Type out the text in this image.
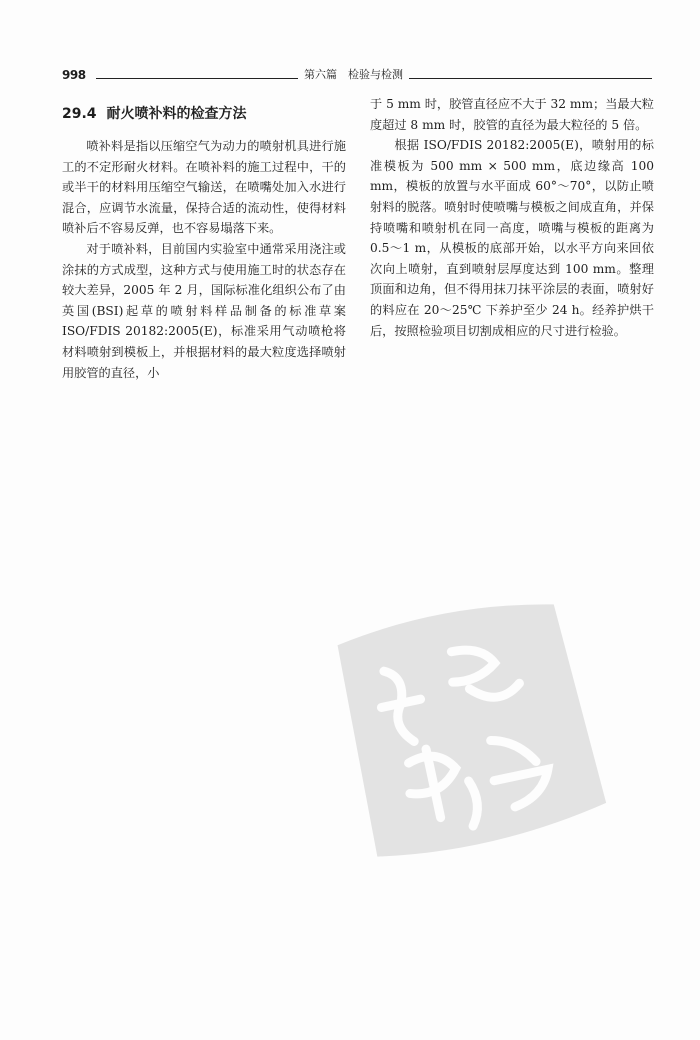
998	第六篇　检验与检测
29.4 耐火喷补料的检查方法

喷补料是指以压缩空气为动力的喷射机具进行施工的不定形耐火材料。在喷补料的施工过程中，干的或半干的材料用压缩空气输送，在喷嘴处加入水进行混合，应调节水流量，保持合适的流动性，使得材料喷补后不容易反弹，也不容易塌落下来。

对于喷补料，目前国内实验室中通常采用浇注或涂抹的方式成型，这种方式与使用施工时的状态存在较大差异，2005 年 2 月，国际标准化组织公布了由英国(BSI)起草的喷射料样品制备的标准草案 ISO/FDIS 20182:2005(E)，标准采用气动喷枪将材料喷射到模板上，并根据材料的最大粒度选择喷射用胶管的直径，小

于 5 mm 时，胶管直径应不大于 32 mm；当最大粒度超过 8 mm 时，胶管的直径为最大粒径的 5 倍。

根据 ISO/FDIS 20182:2005(E)，喷射用的标准模板为 500 mm × 500 mm，底边缘高 100 mm，模板的放置与水平面成 60°～70°，以防止喷射料的脱落。喷射时使喷嘴与模板之间成直角，并保持喷嘴和喷射机在同一高度，喷嘴与模板的距离为 0.5～1 m，从模板的底部开始，以水平方向来回依次向上喷射，直到喷射层厚度达到 100 mm。整理顶面和边角，但不得用抹刀抹平涂层的表面，喷射好的料应在 20～25℃ 下养护至少 24 h。经养护烘干后，按照检验项目切割成相应的尺寸进行检验。
